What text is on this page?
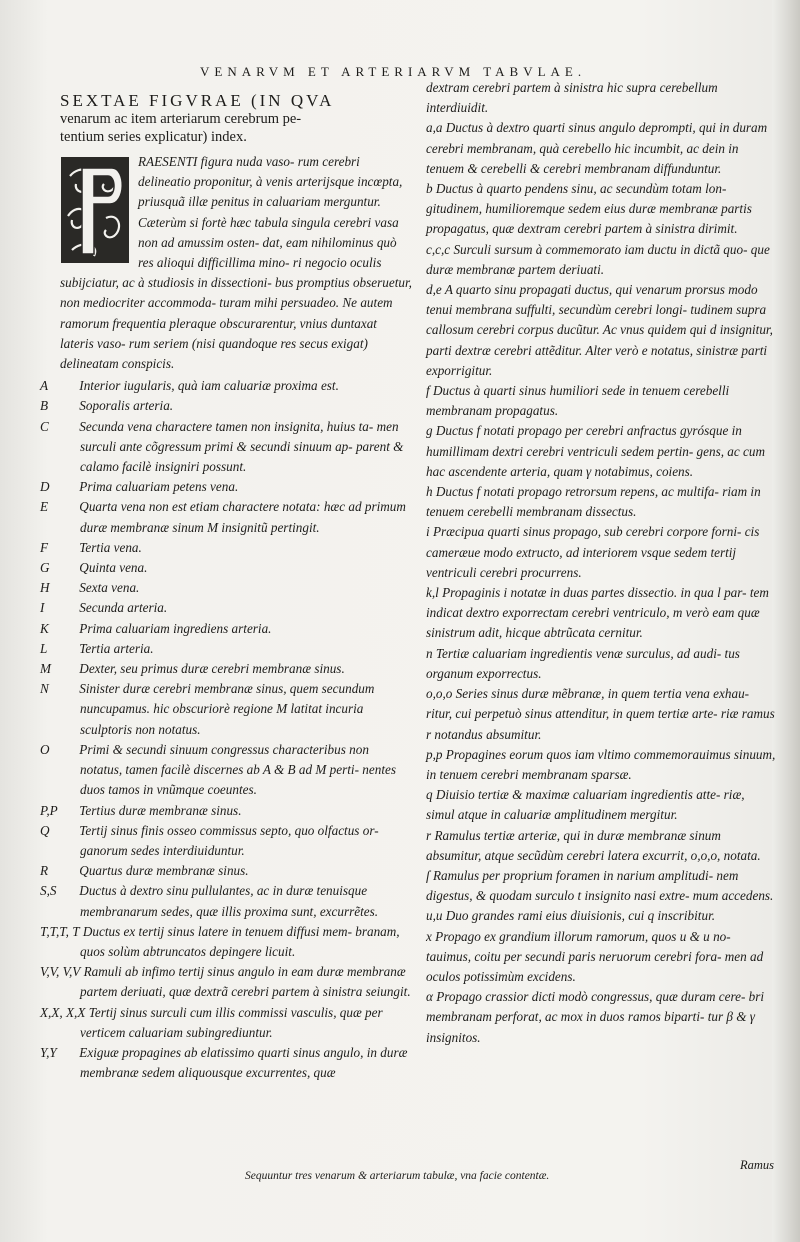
VENARVM ET ARTERIARVM TABVLAE.
SEXTAE FIGVRAE (IN QVA
venarum ac item arteriarum cerebrum pe-
tentium series explicatur) index.
RAESENTI figura nuda vaso- rum cerebri delineatio proponitur, à venis arterijsque incœpta, priusquã illæ penitus in caluariam merguntur. Cæterùm si fortè hæc tabula singula cerebri vasa non ad amussim osten- dat, eam nihilominus quò res alioqui difficillima mino- ri negocio oculis subijciatur, ac à studiosis in dissectioni- bus promptius obseruetur, non mediocriter accommoda- turam mihi persuadeo. Ne autem ramorum frequentia pleraque obscurarentur, vnius duntaxat lateris vaso- rum seriem (nisi quandoque res secus exigat) delineatam conspicis.

A Interior iugularis, quà iam caluariæ proxima est.

B Soporalis arteria.

C Secunda vena charactere tamen non insignita, huius ta- men surculi ante cõgressum primi & secundi sinuum ap- parent & calamo facilè insigniri possunt.

D Prima caluariam petens vena.

E Quarta vena non est etiam charactere notata: hæc ad primum duræ membranæ sinum M insignitũ pertingit.

F Tertia vena.

G Quinta vena.

H Sexta vena.

I	Secunda arteria.

K Prima caluariam ingrediens arteria.

L Tertia arteria.

M Dexter, seu primus duræ cerebri membranæ sinus.

N Sinister duræ cerebri membranæ sinus, quem secundum nuncupamus. hic obscuriorè regione M latitat incuria sculptoris non notatus.

O Primi & secundi sinuum congressus characteribus non notatus, tamen facilè discernes ab A & B ad M perti- nentes duos tamos in vnũmque coeuntes.

P,P Tertius duræ membranæ sinus.

Q Tertij sinus finis osseo commissus septo, quo olfactus or- ganorum sedes interdiuiduntur.

R Quartus duræ membranæ sinus.

S,S Ductus à dextro sinu pullulantes, ac in duræ tenuisque membranarum sedes, quæ illis proxima sunt, excurrẽtes.

T,T,T, T Ductus ex tertij sinus latere in tenuem diffusi mem- branam, quos solùm abtruncatos depingere licuit.

V,V, V,V Ramuli ab infimo tertij sinus angulo in eam duræ membranæ partem deriuati, quæ dextrã cerebri partem à sinistra seiungit.

X,X, X,X Tertij sinus surculi cum illis commissi vasculis, quæ per verticem caluariam subingrediuntur.

Y,Y Exiguæ propagines ab elatissimo quarti sinus angulo, in duræ membranæ sedem aliquousque excurrentes, quæ

dextram cerebri partem à sinistra hic supra cerebellum interdiuidit.

a,a Ductus à dextro quarti sinus angulo deprompti, qui in duram cerebri membranam, quà cerebello hic incumbit, ac dein in tenuem & cerebelli & cerebri membranam diffunduntur.

b Ductus à quarto pendens sinu, ac secundùm totam lon- gitudinem, humilioremque sedem eius duræ membranæ partis propagatus, quæ dextram cerebri partem à sinistra dirimit.

c,c,c Surculi sursum à commemorato iam ductu in dictã quo- que duræ membranæ partem deriuati.

d,e A quarto sinu propagati ductus, qui venarum prorsus modo tenui membrana suffulti, secundùm cerebri longi- tudinem supra callosum cerebri corpus ducũtur. Ac vnus quidem qui d insignitur, parti dextræ cerebri attẽditur. Alter verò e notatus, sinistræ parti exporrigitur.

f Ductus à quarti sinus humiliori sede in tenuem cerebelli membranam propagatus.

g Ductus f notati propago per cerebri anfractus gyrósque in humillimam dextri cerebri ventriculi sedem pertin- gens, ac cum hac ascendente arteria, quam γ notabimus, coiens.

h Ductus f notati propago retrorsum repens, ac multifa- riam in tenuem cerebelli membranam dissectus.

i Præcipua quarti sinus propago, sub cerebri corpore forni- cis cameræue modo extructo, ad interiorem vsque sedem tertij ventriculi cerebri procurrens.

k,l Propaginis i notatæ in duas partes dissectio. in qua l par- tem indicat dextro exporrectam cerebri ventriculo, m verò eam quæ sinistrum adit, hicque abtrũcata cernitur.

n Tertiæ caluariam ingredientis venæ surculus, ad audi- tus organum exporrectus.

o,o,o Series sinus duræ mẽbranæ, in quem tertia vena exhau- ritur, cui perpetuò sinus attenditur, in quem tertiæ arte- riæ ramus r notandus absumitur.

p,p Propagines eorum quos iam vltimo commemorauimus sinuum, in tenuem cerebri membranam sparsæ.

q Diuisio tertiæ & maximæ caluariam ingredientis atte- riæ, simul atque in caluariæ amplitudinem mergitur.

r Ramulus tertiæ arteriæ, qui in duræ membranæ sinum absumitur, atque secũdùm cerebri latera excurrit, o,o,o, notata.

ſ Ramulus per proprium foramen in narium amplitudi- nem digestus, & quodam surculo t insignito nasi extre- mum accedens.

u,u Duo grandes rami eius diuisionis, cui q inscribitur.

x Propago ex grandium illorum ramorum, quos u & u no- tauimus, coitu per secundi paris neruorum cerebri fora- men ad oculos potissimùm excidens.

α Propago crassior dicti modò congressus, quæ duram cere- bri membranam perforat, ac mox in duos ramos biparti- tur β & γ insignitos.

Ramus
Sequuntur tres venarum & arteriarum tabulæ, vna facie contentæ.
